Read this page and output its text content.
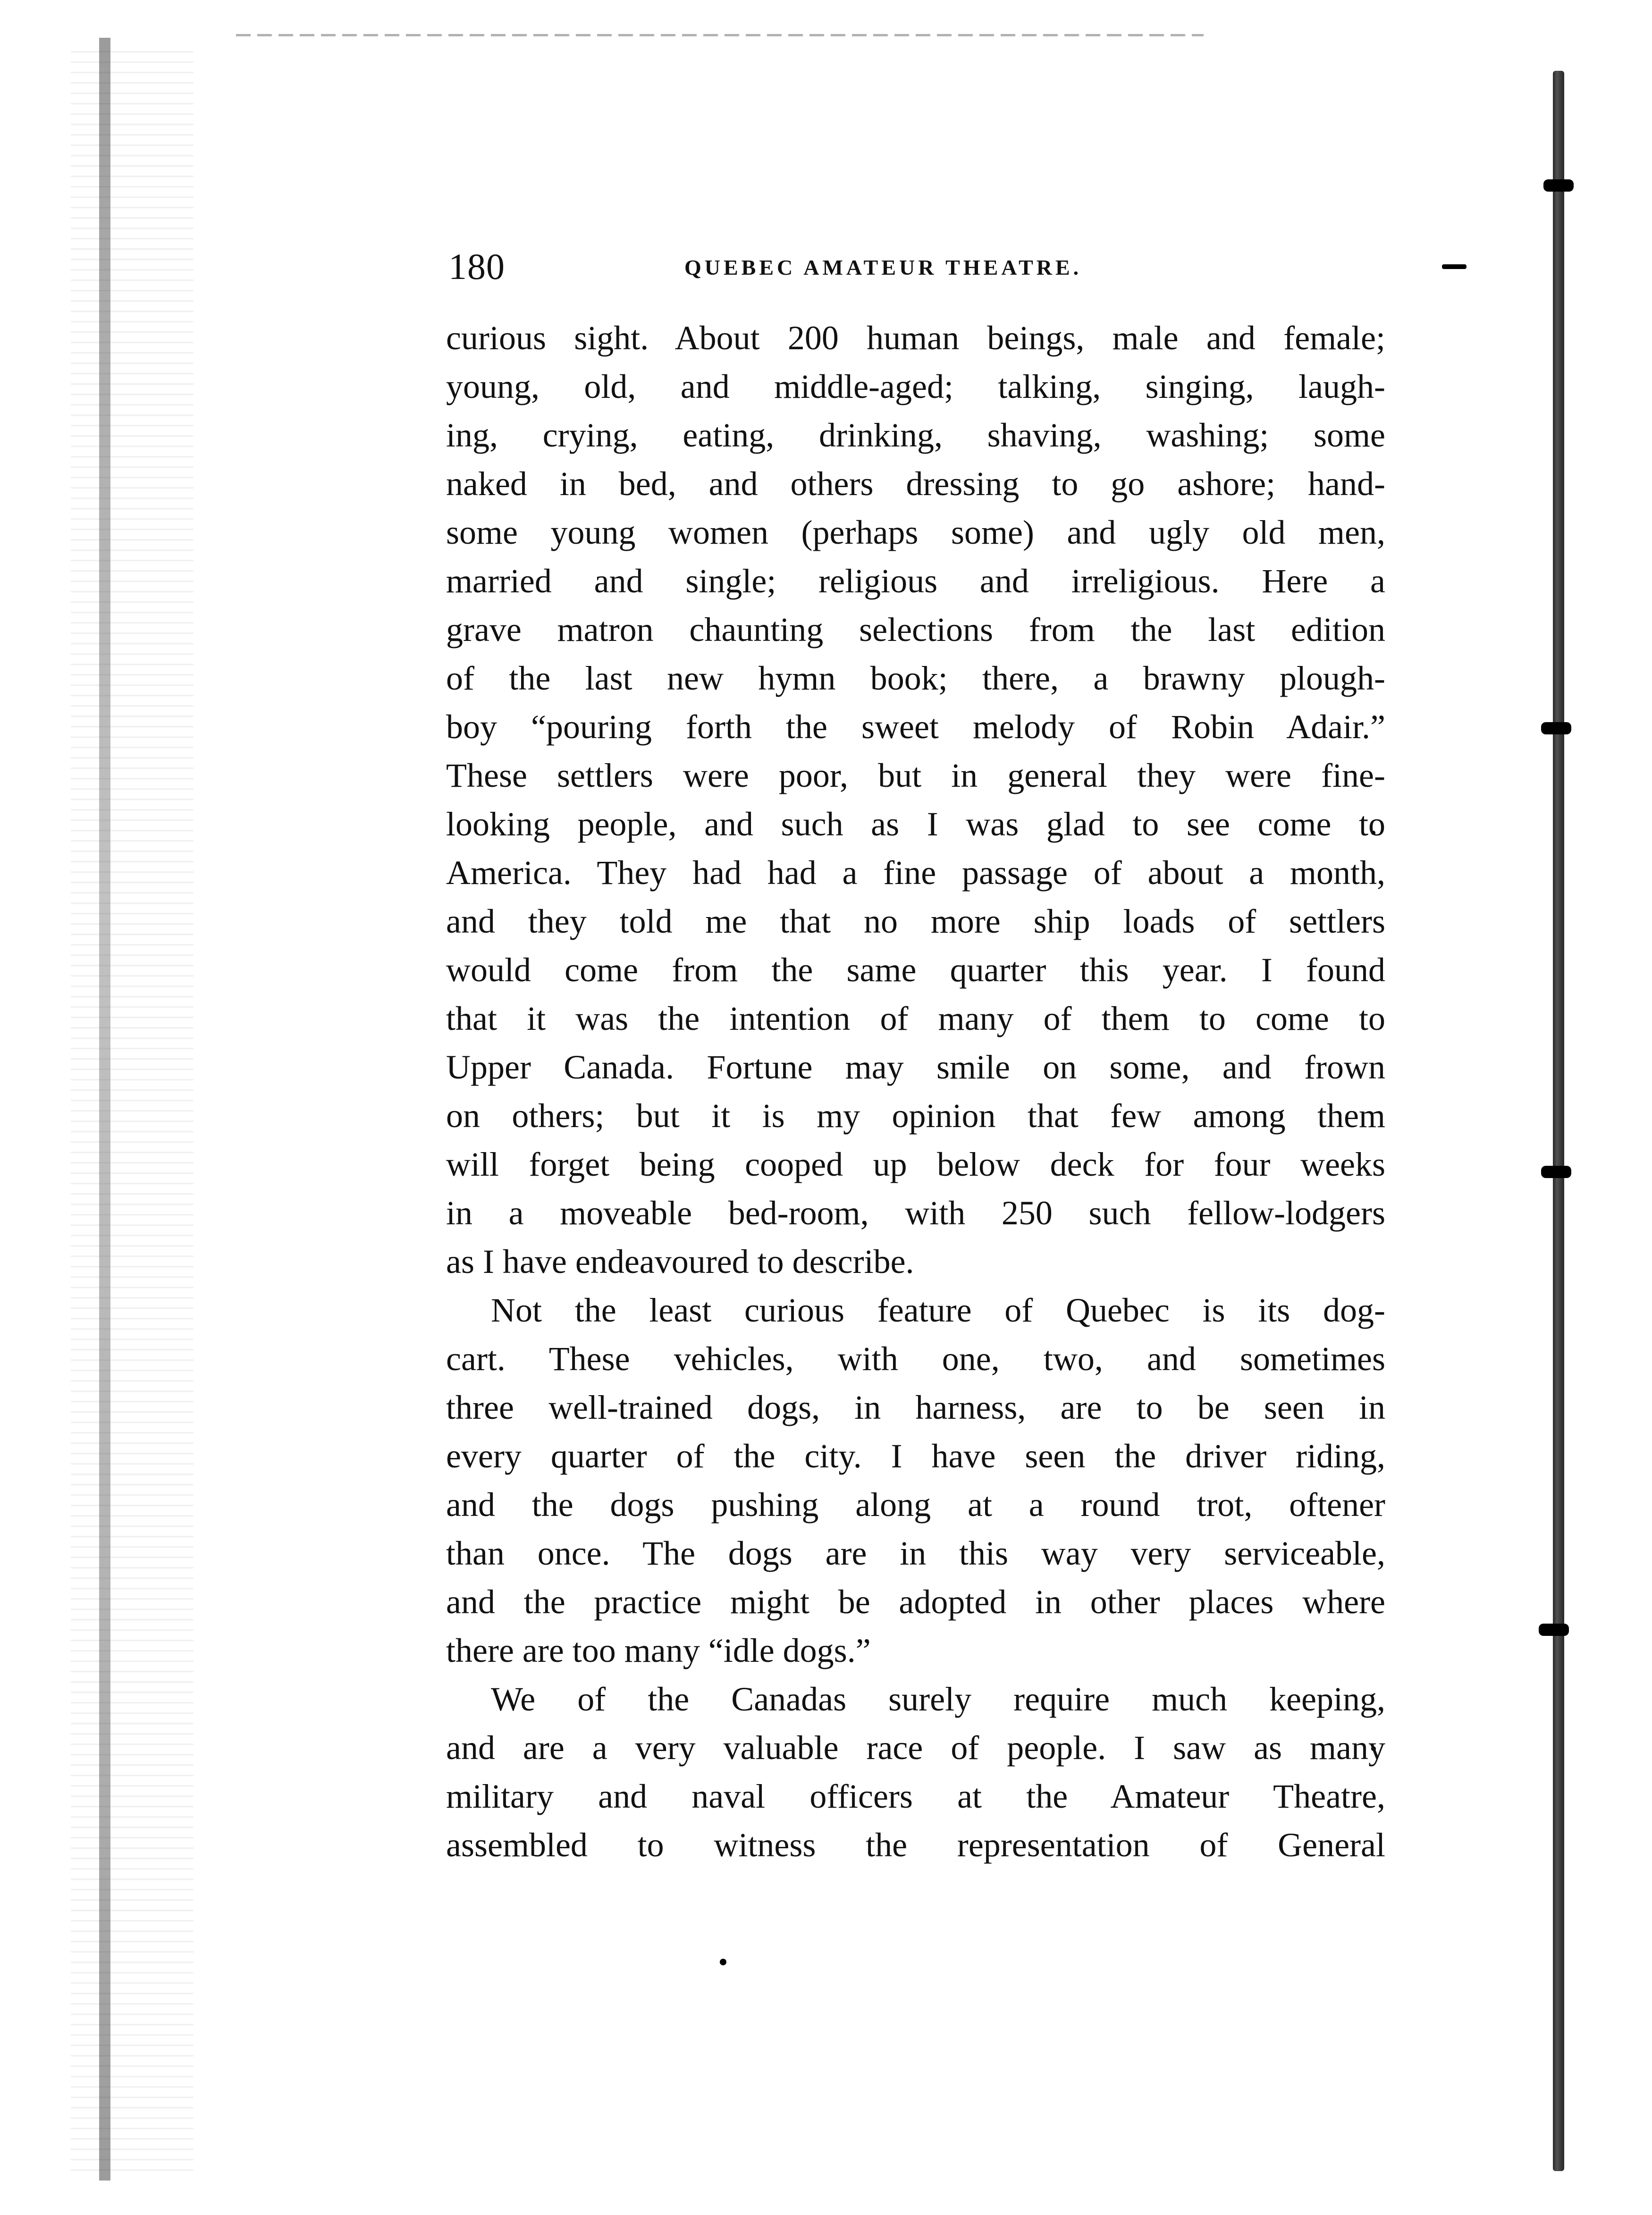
180	QUEBEC AMATEUR THEATRE.
curious sight. About 200 human beings, male and female;
young, old, and middle-aged; talking, singing, laugh-
ing, crying, eating, drinking, shaving, washing; some
naked in bed, and others dressing to go ashore; hand-
some young women (perhaps some) and ugly old men,
married and single; religious and irreligious. Here a
grave matron chaunting selections from the last edition
of the last new hymn book; there, a brawny plough-
boy “pouring forth the sweet melody of Robin Adair.”
These settlers were poor, but in general they were fine-
looking people, and such as I was glad to see come to
America. They had had a fine passage of about a month,
and they told me that no more ship loads of settlers
would come from the same quarter this year. I found
that it was the intention of many of them to come to
Upper Canada. Fortune may smile on some, and frown
on others; but it is my opinion that few among them
will forget being cooped up below deck for four weeks
in a moveable bed-room, with 250 such fellow-lodgers
as I have endeavoured to describe.
Not the least curious feature of Quebec is its dog-
cart. These vehicles, with one, two, and sometimes
three well-trained dogs, in harness, are to be seen in
every quarter of the city. I have seen the driver riding,
and the dogs pushing along at a round trot, oftener
than once. The dogs are in this way very serviceable,
and the practice might be adopted in other places where
there are too many “idle dogs.”
We of the Canadas surely require much keeping,
and are a very valuable race of people. I saw as many
military and naval officers at the Amateur Theatre,
assembled to witness the representation of General
